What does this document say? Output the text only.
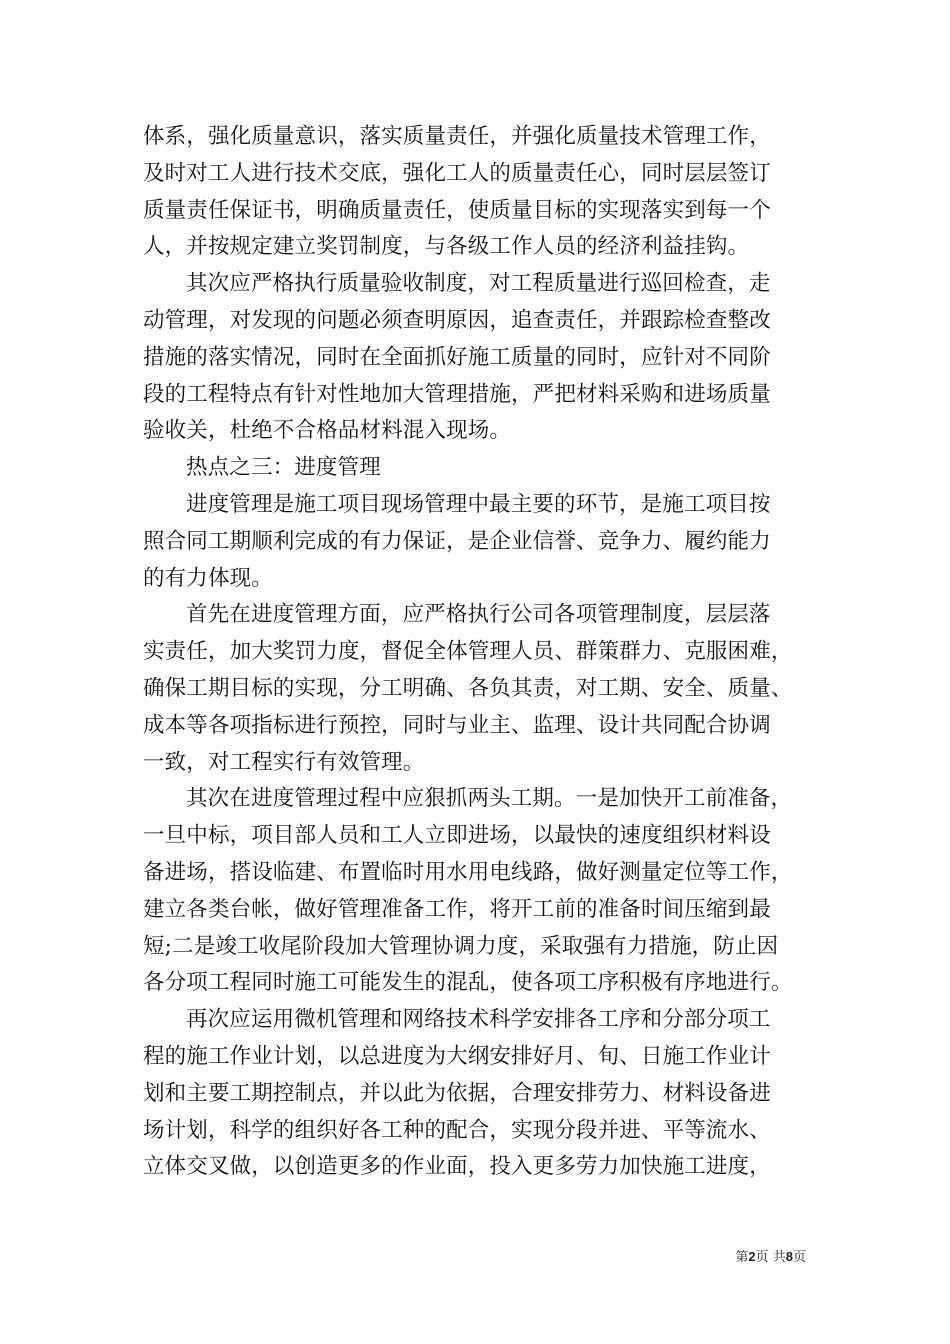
体系，强化质量意识，落实质量责任，并强化质量技术管理工作，
及时对工人进行技术交底，强化工人的质量责任心，同时层层签订
质量责任保证书，明确质量责任，使质量目标的实现落实到每一个
人，并按规定建立奖罚制度，与各级工作人员的经济利益挂钩。

其次应严格执行质量验收制度，对工程质量进行巡回检查，走
动管理，对发现的问题必须查明原因，追查责任，并跟踪检查整改
措施的落实情况，同时在全面抓好施工质量的同时，应针对不同阶
段的工程特点有针对性地加大管理措施，严把材料采购和进场质量
验收关，杜绝不合格品材料混入现场。

热点之三：进度管理

进度管理是施工项目现场管理中最主要的环节，是施工项目按
照合同工期顺利完成的有力保证，是企业信誉、竞争力、履约能力
的有力体现。

首先在进度管理方面，应严格执行公司各项管理制度，层层落
实责任，加大奖罚力度，督促全体管理人员、群策群力、克服困难，
确保工期目标的实现，分工明确、各负其责，对工期、安全、质量、
成本等各项指标进行预控，同时与业主、监理、设计共同配合协调
一致，对工程实行有效管理。

其次在进度管理过程中应狠抓两头工期。一是加快开工前准备，
一旦中标，项目部人员和工人立即进场，以最快的速度组织材料设
备进场，搭设临建、布置临时用水用电线路，做好测量定位等工作，
建立各类台帐，做好管理准备工作，将开工前的准备时间压缩到最
短;二是竣工收尾阶段加大管理协调力度，采取强有力措施，防止因
各分项工程同时施工可能发生的混乱，使各项工序积极有序地进行。

再次应运用微机管理和网络技术科学安排各工序和分部分项工
程的施工作业计划，以总进度为大纲安排好月、旬、日施工作业计
划和主要工期控制点，并以此为依据，合理安排劳力、材料设备进
场计划，科学的组织好各工种的配合，实现分段并进、平等流水、
立体交叉做，以创造更多的作业面，投入更多劳力加快施工进度，

第2页 共8页
